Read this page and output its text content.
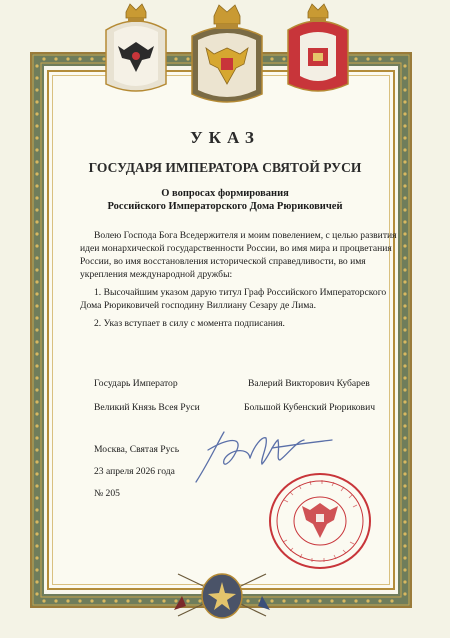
УКАЗ
ГОСУДАРЯ ИМПЕРАТОРА СВЯТОЙ РУСИ
О вопросах формирования
Российского Императорского Дома Рюриковичей
Волею Господа Бога Вседержителя и моим повелением, с целью развития
идеи монархической государственности России, во имя мира и процветания
России, во имя восстановления исторической справедливости, во имя
укрепления международной дружбы:
1. Высочайшим указом дарую титул Граф Российского Императорского
Дома Рюриковичей господину Виллиану Сезару де Лима.
2. Указ вступает в силу с момента подписания.
Государь Император
Великий Князь Всея Руси
Валерий Викторович Кубарев
Большой Кубенский Рюрикович
Москва, Святая Русь
23 апреля 2026 года
№ 205
